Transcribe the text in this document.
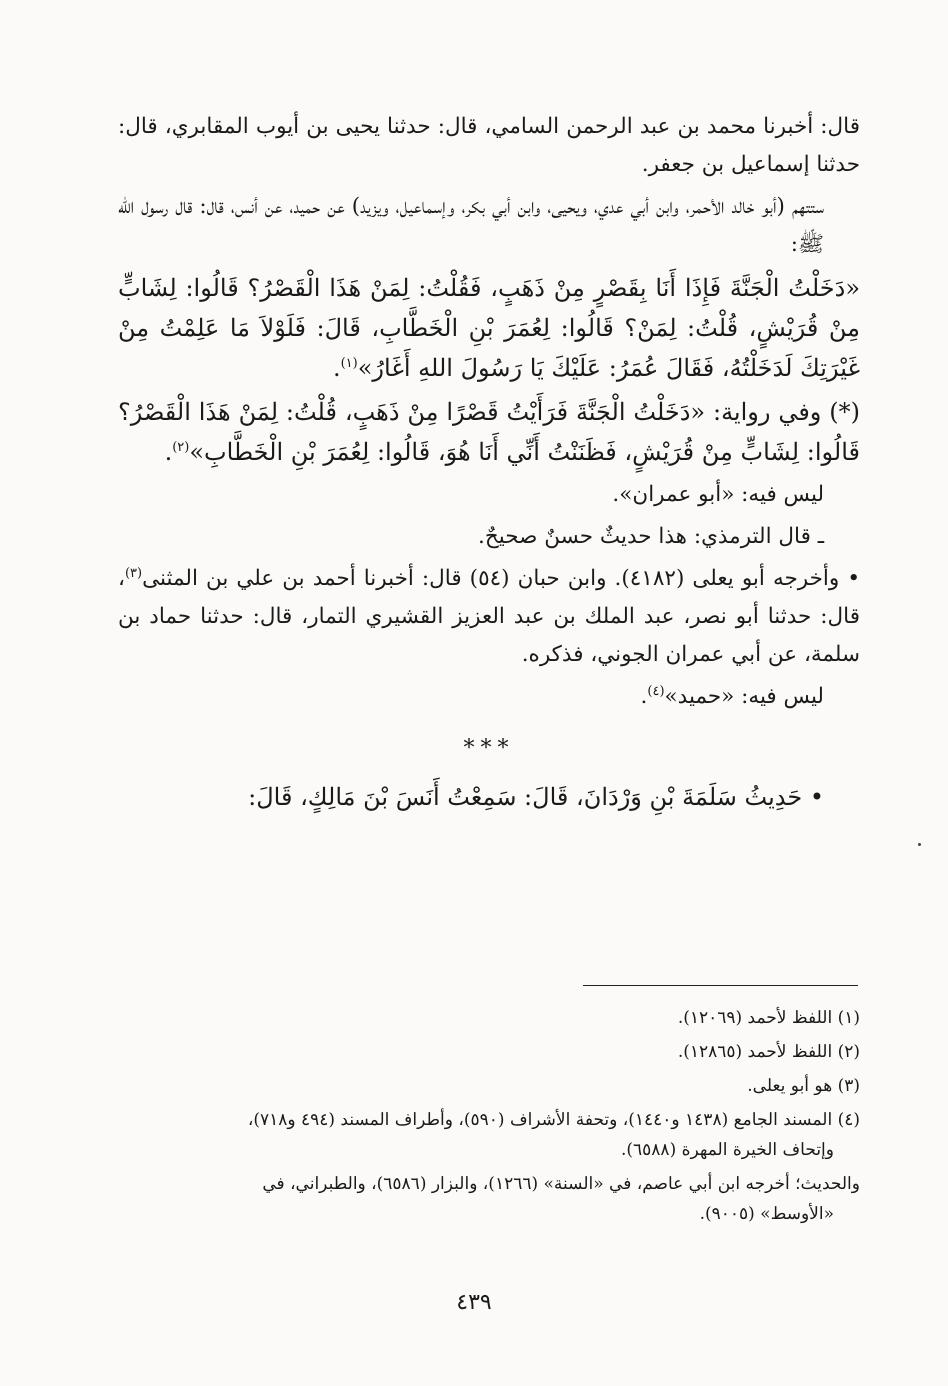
قال: أخبرنا محمد بن عبد الرحمن السامي، قال: حدثنا يحيى بن أيوب المقابري، قال: حدثنا إسماعيل بن جعفر.

ستتهم (أبو خالد الأحمر، وابن أبي عدي، ويحيى، وابن أبي بكر، وإسماعيل، ويزيد) عن حميد، عن أنس، قال: قال رسول الله ﷺ:

«دَخَلْتُ الْجَنَّةَ فَإِذَا أَنَا بِقَصْرٍ مِنْ ذَهَبٍ، فَقُلْتُ: لِمَنْ هَذَا الْقَصْرُ؟ قَالُوا: لِشَابٍّ مِنْ قُرَيْشٍ، قُلْتُ: لِمَنْ؟ قَالُوا: لِعُمَرَ بْنِ الْخَطَّابِ، قَالَ: فَلَوْلاَ مَا عَلِمْتُ مِنْ غَيْرَتِكَ لَدَخَلْتُهُ، فَقَالَ عُمَرُ: عَلَيْكَ يَا رَسُولَ اللهِ أَغَارُ»$^{(١)}$.

(*) وفي رواية: «دَخَلْتُ الْجَنَّةَ فَرَأَيْتُ قَصْرًا مِنْ ذَهَبٍ، قُلْتُ: لِمَنْ هَذَا الْقَصْرُ؟ قَالُوا: لِشَابٍّ مِنْ قُرَيْشٍ، فَظَنَنْتُ أَنِّي أَنَا هُوَ، قَالُوا: لِعُمَرَ بْنِ الْخَطَّابِ»$^{(٢)}$.

ليس فيه: «أبو عمران».

ـ قال الترمذي: هذا حديثٌ حسنٌ صحيحٌ.

• وأخرجه أبو يعلى (٤١٨٢). وابن حبان (٥٤) قال: أخبرنا أحمد بن علي بن المثنى$^{(٣)}$، قال: حدثنا أبو نصر، عبد الملك بن عبد العزيز القشيري التمار، قال: حدثنا حماد بن سلمة، عن أبي عمران الجوني، فذكره.

ليس فيه: «حميد»$^{(٤)}$.

***

• حَدِيثُ سَلَمَةَ بْنِ وَرْدَانَ، قَالَ: سَمِعْتُ أَنَسَ بْنَ مَالِكٍ، قَالَ:

(١) اللفظ لأحمد (١٢٠٦٩).

(٢) اللفظ لأحمد (١٢٨٦٥).

(٣) هو أبو يعلى.

(٤) المسند الجامع (١٤٣٨ و١٤٤٠)، وتحفة الأشراف (٥٩٠)، وأطراف المسند (٤٩٤ و٧١٨)،
وإتحاف الخيرة المهرة (٦٥٨٨).

والحديث؛ أخرجه ابن أبي عاصم، في «السنة» (١٢٦٦)، والبزار (٦٥٨٦)، والطبراني، في
«الأوسط» (٩٠٠٥).

٤٣٩
